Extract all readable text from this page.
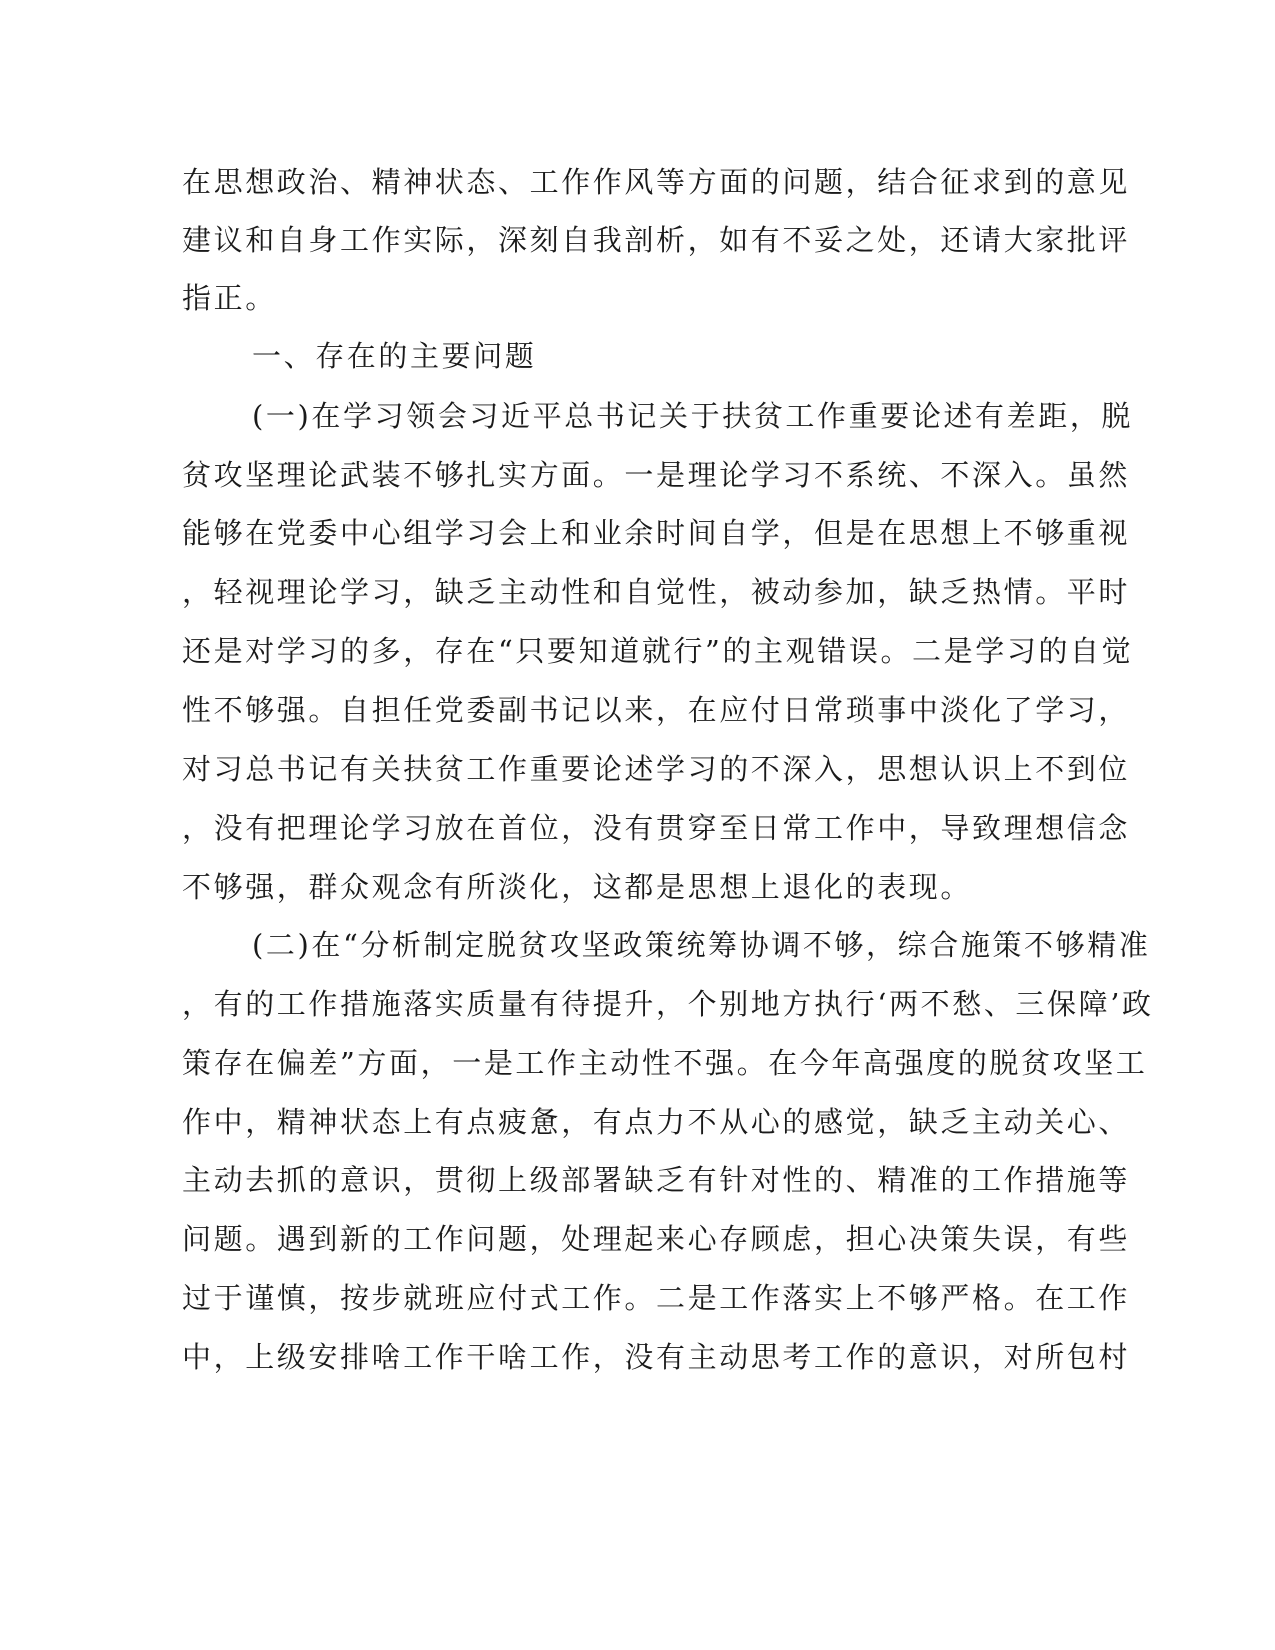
在思想政治、精神状态、工作作风等方面的问题，结合征求到的意见
建议和自身工作实际，深刻自我剖析，如有不妥之处，还请大家批评
指正。
一、存在的主要问题
(一)在学习领会习近平总书记关于扶贫工作重要论述有差距，脱
贫攻坚理论武装不够扎实方面。一是理论学习不系统、不深入。虽然
能够在党委中心组学习会上和业余时间自学，但是在思想上不够重视
，轻视理论学习，缺乏主动性和自觉性，被动参加，缺乏热情。平时
还是对学习的多，存在“只要知道就行”的主观错误。二是学习的自觉
性不够强。自担任党委副书记以来，在应付日常琐事中淡化了学习，
对习总书记有关扶贫工作重要论述学习的不深入，思想认识上不到位
，没有把理论学习放在首位，没有贯穿至日常工作中，导致理想信念
不够强，群众观念有所淡化，这都是思想上退化的表现。
(二)在“分析制定脱贫攻坚政策统筹协调不够，综合施策不够精准
，有的工作措施落实质量有待提升，个别地方执行‘两不愁、三保障’政
策存在偏差”方面，一是工作主动性不强。在今年高强度的脱贫攻坚工
作中，精神状态上有点疲惫，有点力不从心的感觉，缺乏主动关心、
主动去抓的意识，贯彻上级部署缺乏有针对性的、精准的工作措施等
问题。遇到新的工作问题，处理起来心存顾虑，担心决策失误，有些
过于谨慎，按步就班应付式工作。二是工作落实上不够严格。在工作
中，上级安排啥工作干啥工作，没有主动思考工作的意识，对所包村
